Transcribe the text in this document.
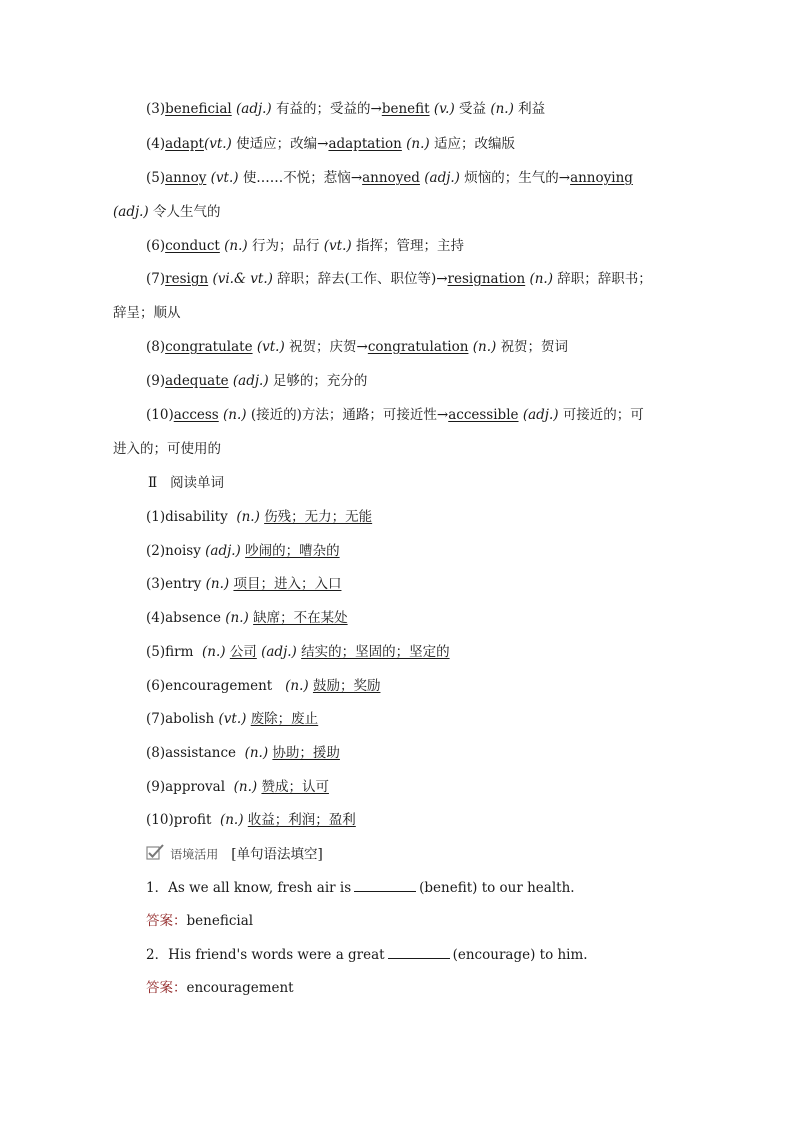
(3)beneficial (adj.) 有益的；受益的→benefit (v.) 受益 (n.) 利益
(4)adapt(vt.) 使适应；改编→adaptation (n.) 适应；改编版
(5)annoy (vt.) 使……不悦；惹恼→annoyed (adj.) 烦恼的；生气的→annoying
(adj.) 令人生气的
(6)conduct (n.) 行为；品行 (vt.) 指挥；管理；主持
(7)resign (vi.& vt.) 辞职；辞去(工作、职位等)→resignation (n.) 辞职；辞职书；
辞呈；顺从
(8)congratulate (vt.) 祝贺；庆贺→congratulation (n.) 祝贺；贺词
(9)adequate (adj.) 足够的；充分的
(10)access (n.) (接近的)方法；通路；可接近性→accessible (adj.) 可接近的；可
进入的；可使用的
Ⅱ 阅读单词
(1)disability (n.) 伤残；无力；无能
(2)noisy (adj.) 吵闹的；嘈杂的
(3)entry (n.) 项目；进入；入口
(4)absence (n.) 缺席；不在某处
(5)firm (n.) 公司 (adj.) 结实的；坚固的；坚定的
(6)encouragement (n.) 鼓励；奖励
(7)abolish (vt.) 废除；废止
(8)assistance (n.) 协助；援助
(9)approval (n.) 赞成；认可
(10)profit (n.) 收益；利润；盈利
语境活用 [单句语法填空]
1．As we all know, fresh air is	(benefit) to our health.
答案：beneficial
2．His friend's words were a great	(encourage) to him.
答案：encouragement
